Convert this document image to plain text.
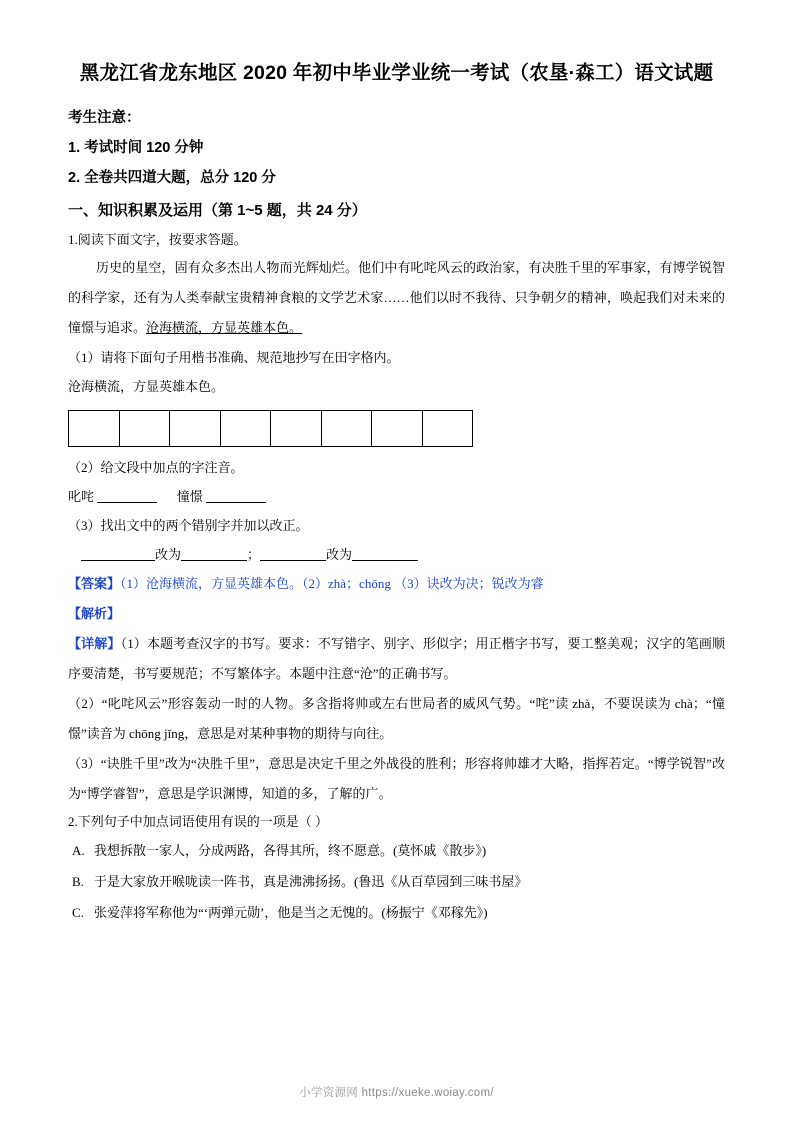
黑龙江省龙东地区 2020 年初中毕业学业统一考试（农垦·森工）语文试题

考生注意：

1. 考试时间 120 分钟

2. 全卷共四道大题，总分 120 分

一、知识积累及运用（第 1~5 题，共 24 分）

1.阅读下面文字，按要求答题。

历史的星空，固有众多杰出人物而光辉灿烂。他们中有叱咤风云的政治家，有决胜千里的军事家，有博学锐智的科学家，还有为人类奉献宝贵精神食粮的文学艺术家……他们以时不我待、只争朝夕的精神，唤起我们对未来的憧憬与追求。沧海横流，方显英雄本色。

（1）请将下面句子用楷书准确、规范地抄写在田字格内。

沧海横流，方显英雄本色。

（2）给文段中加点的字注音。

叱咤	憧憬

（3）找出文中的两个错别字并加以改正。

改为	；	改为

【答案】（1）沧海横流，方显英雄本色。（2）zhà；chōng （3）诀改为决；锐改为睿

【解析】

【详解】（1）本题考查汉字的书写。要求：不写错字、别字、形似字；用正楷字书写，要工整美观；汉字的笔画顺序要清楚，书写要规范；不写繁体字。本题中注意“沧”的正确书写。

（2）“叱咤风云”形容轰动一时的人物。多含指将帅或左右世局者的威风气势。“咤”读 zhà，不要误读为 chà；“憧憬”读音为 chōng jǐng，意思是对某种事物的期待与向往。

（3）“诀胜千里”改为“决胜千里”，意思是决定千里之外战役的胜利；形容将帅雄才大略，指挥若定。“博学锐智”改为“博学睿智”，意思是学识渊博，知道的多，了解的广。

2.下列句子中加点词语使用有误的一项是（ ）

A. 我想拆散一家人，分成两路，各得其所，终不愿意。(莫怀戚《散步》)

B. 于是大家放开喉咙读一阵书，真是沸沸扬扬。(鲁迅《从百草园到三味书屋》

C. 张爱萍将军称他为“‘两弹元勋’，他是当之无愧的。(杨振宁《邓稼先》)

小学资源网 https://xueke.woiay.com/
